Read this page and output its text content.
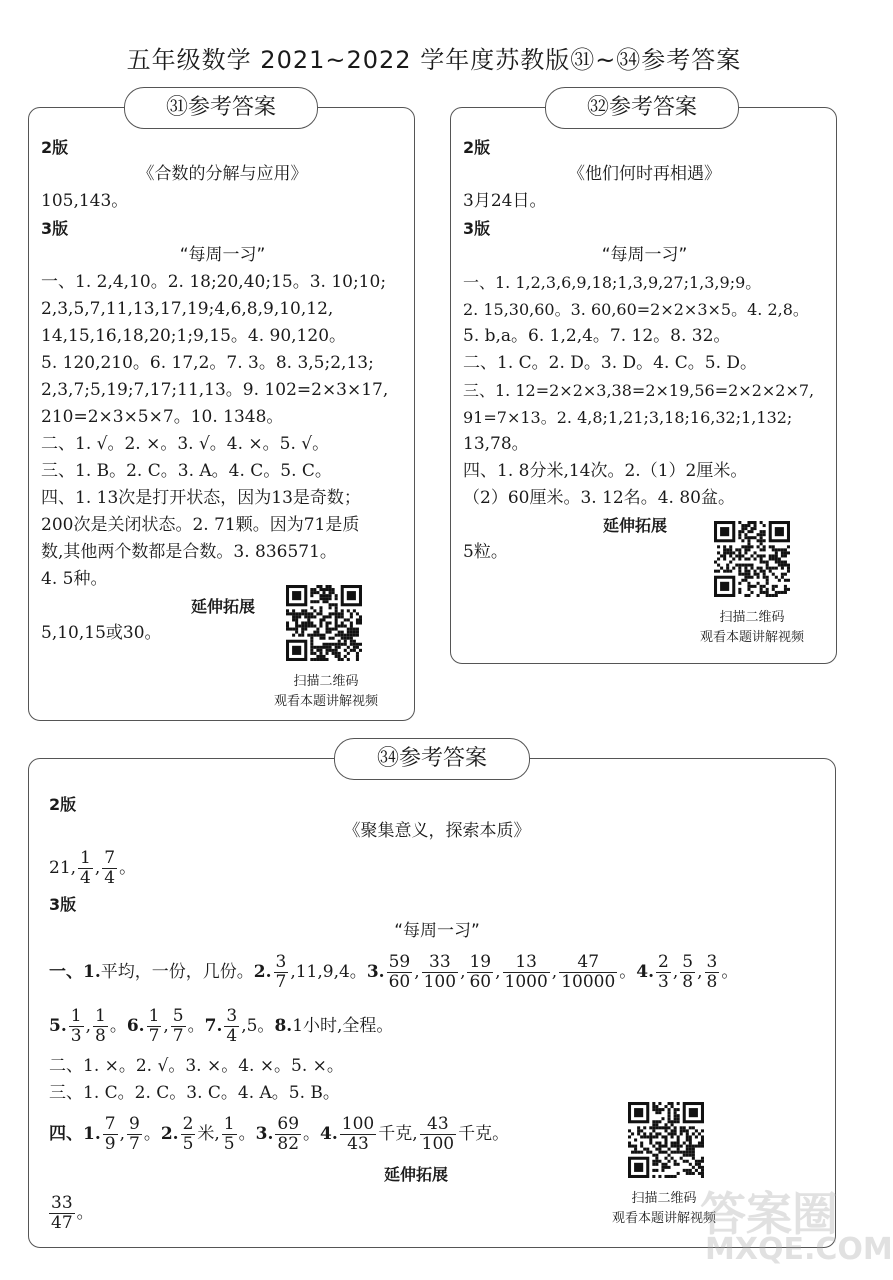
五年级数学 2021~2022 学年度苏教版㉛~㉞参考答案
2版
《合数的分解与应用》
105,143。
3版
“每周一习”
一、1. 2,4,10。2. 18;20,40;15。3. 10;10;
2,3,5,7,11,13,17,19;4,6,8,9,10,12,
14,15,16,18,20;1;9,15。4. 90,120。
5. 120,210。6. 17,2。7. 3。8. 3,5;2,13;
2,3,7;5,19;7,17;11,13。9. 102=2×3×17,
210=2×3×5×7。10. 1348。
二、1. √。2. ×。3. √。4. ×。5. √。
三、1. B。2. C。3. A。4. C。5. C。
四、1. 13次是打开状态，因为13是奇数；
200次是关闭状态。2. 71颗。因为71是质
数,其他两个数都是合数。3. 836571。
4. 5种。
延伸拓展
5,10,15或30。
扫描二维码
观看本题讲解视频
㉛参考答案
2版
《他们何时再相遇》
3月24日。
3版
“每周一习”
一、1. 1,2,3,6,9,18;1,3,9,27;1,3,9;9。
2. 15,30,60。3. 60,60=2×2×3×5。4. 2,8。
5. b,a。6. 1,2,4。7. 12。8. 32。
二、1. C。2. D。3. D。4. C。5. D。
三、1. 12=2×2×3,38=2×19,56=2×2×2×7,
91=7×13。2. 4,8;1,21;3,18;16,32;1,132;
13,78。
四、1. 8分米,14次。2.（1）2厘米。
（2）60厘米。3. 12名。4. 80盆。
延伸拓展
5粒。
扫描二维码
观看本题讲解视频
㉜参考答案
2版
《聚集意义，探索本质》
21, $\frac{1}{4}$ , $\frac{7}{4}$ 。
3版
“每周一习”
一、1.平均，一份，几份。2. $\frac{3}{7} ,11,9,4$。3. $\frac{59}{60}$ , $\frac{33}{100}$ , $\frac{19}{60}$ , $\frac{13}{1000}$ , $\frac{47}{10000}$ 。4. $\frac{2}{3}$ , $\frac{5}{8}$ , $\frac{3}{8}$ 。
5. $\frac{1}{3}$ , $\frac{1}{8}$ 。6. $\frac{1}{7}$ , $\frac{5}{7}$ 。7. $\frac{3}{4} ,5$。8.1小时,全程。
二、1. ×。2. √。3. ×。4. ×。5. ×。
三、1. C。2. C。3. C。4. A。5. B。
四、1. $\frac{7}{9}$ , $\frac{9}{7}$ 。2. $\frac{2}{5}$ 米, $\frac{1}{5}$ 。3. $\frac{69}{82}$ 。4. $\frac{100}{43}$ 千克, $\frac{43}{100}$ 千克。
延伸拓展
$\frac{33}{47}$ 。
扫描二维码
观看本题讲解视频
㉞参考答案
答案圈
MXQE.COM
